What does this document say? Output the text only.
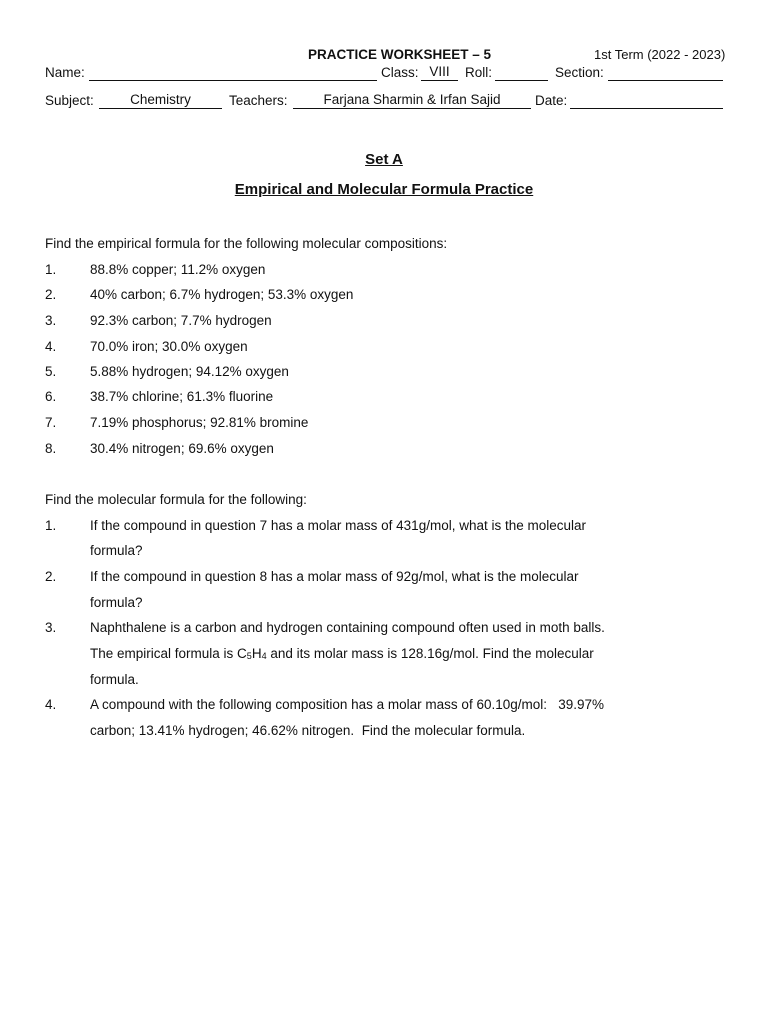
PRACTICE WORKSHEET – 5	1st Term (2022 - 2023)
Name:	Class: VIII	Roll:	Section:
Subject:	Chemistry	Teachers:	Farjana Sharmin & Irfan Sajid	Date:
Set A
Empirical and Molecular Formula Practice
Find the empirical formula for the following molecular compositions:
1. 88.8% copper; 11.2% oxygen
2. 40% carbon; 6.7% hydrogen; 53.3% oxygen
3. 92.3% carbon; 7.7% hydrogen
4. 70.0% iron; 30.0% oxygen
5. 5.88% hydrogen; 94.12% oxygen
6. 38.7% chlorine; 61.3% fluorine
7. 7.19% phosphorus; 92.81% bromine
8. 30.4% nitrogen; 69.6% oxygen
Find the molecular formula for the following:
1. If the compound in question 7 has a molar mass of 431g/mol, what is the molecular
formula?
2. If the compound in question 8 has a molar mass of 92g/mol, what is the molecular
formula?
3. Naphthalene is a carbon and hydrogen containing compound often used in moth balls.
The empirical formula is $C_5H_4$ and its molar mass is 128.16g/mol. Find the molecular
formula.
4. A compound with the following composition has a molar mass of 60.10g/mol:   39.97%
carbon; 13.41% hydrogen; 46.62% nitrogen.  Find the molecular formula.
